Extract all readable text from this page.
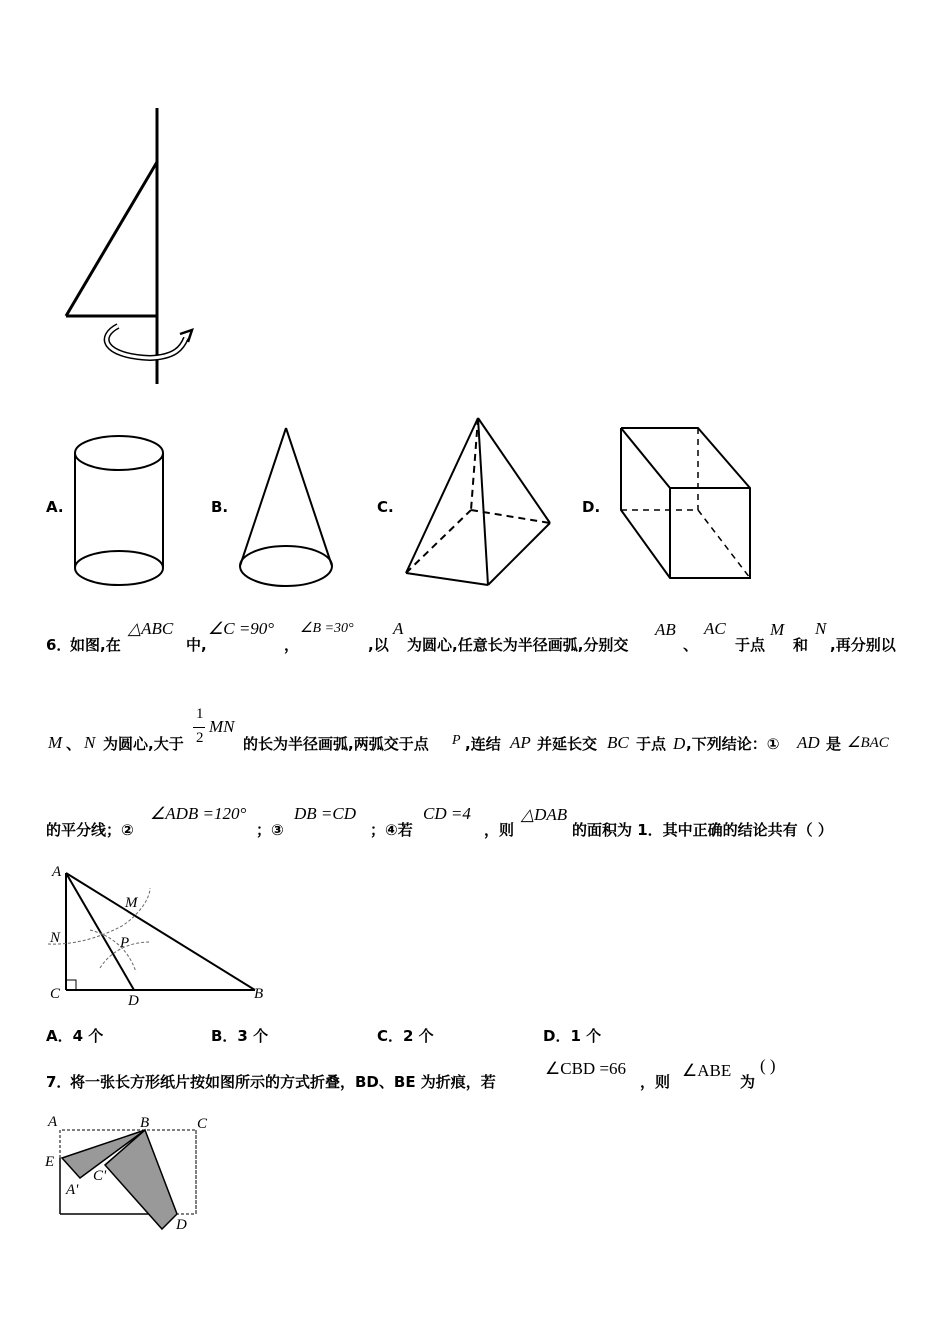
A.	B.	C.	D.
6．
如图,在
△ABC
中,
∠C =90°
，
∠B =30°
,以
A
为圆心,任意长为半径画弧,分别交
AB
、
AC
于点
M
和
N
,再分别以
M 、 N 为圆心,大于
1
2
MN
的长为半径画弧,两弧交于点 P ,连结 AP 并延长交 BC 于点 D ,下列结论：① AD 是 ∠BAC
的平分线；②
∠ADB =120°
；③
DB =CD
；④若
CD =4
，则
△DAB
的面积为 1．其中正确的结论共有（ ）
A
M
N	P
C	D	B
A．4 个	B．3 个	C．2 个	D．1 个
7．
将一张长方形纸片按如图所示的方式折叠，BD、BE 为折痕，若
∠CBD =66
，则
∠ABE
为
( )
A	B	C
E
A'
C'
D
